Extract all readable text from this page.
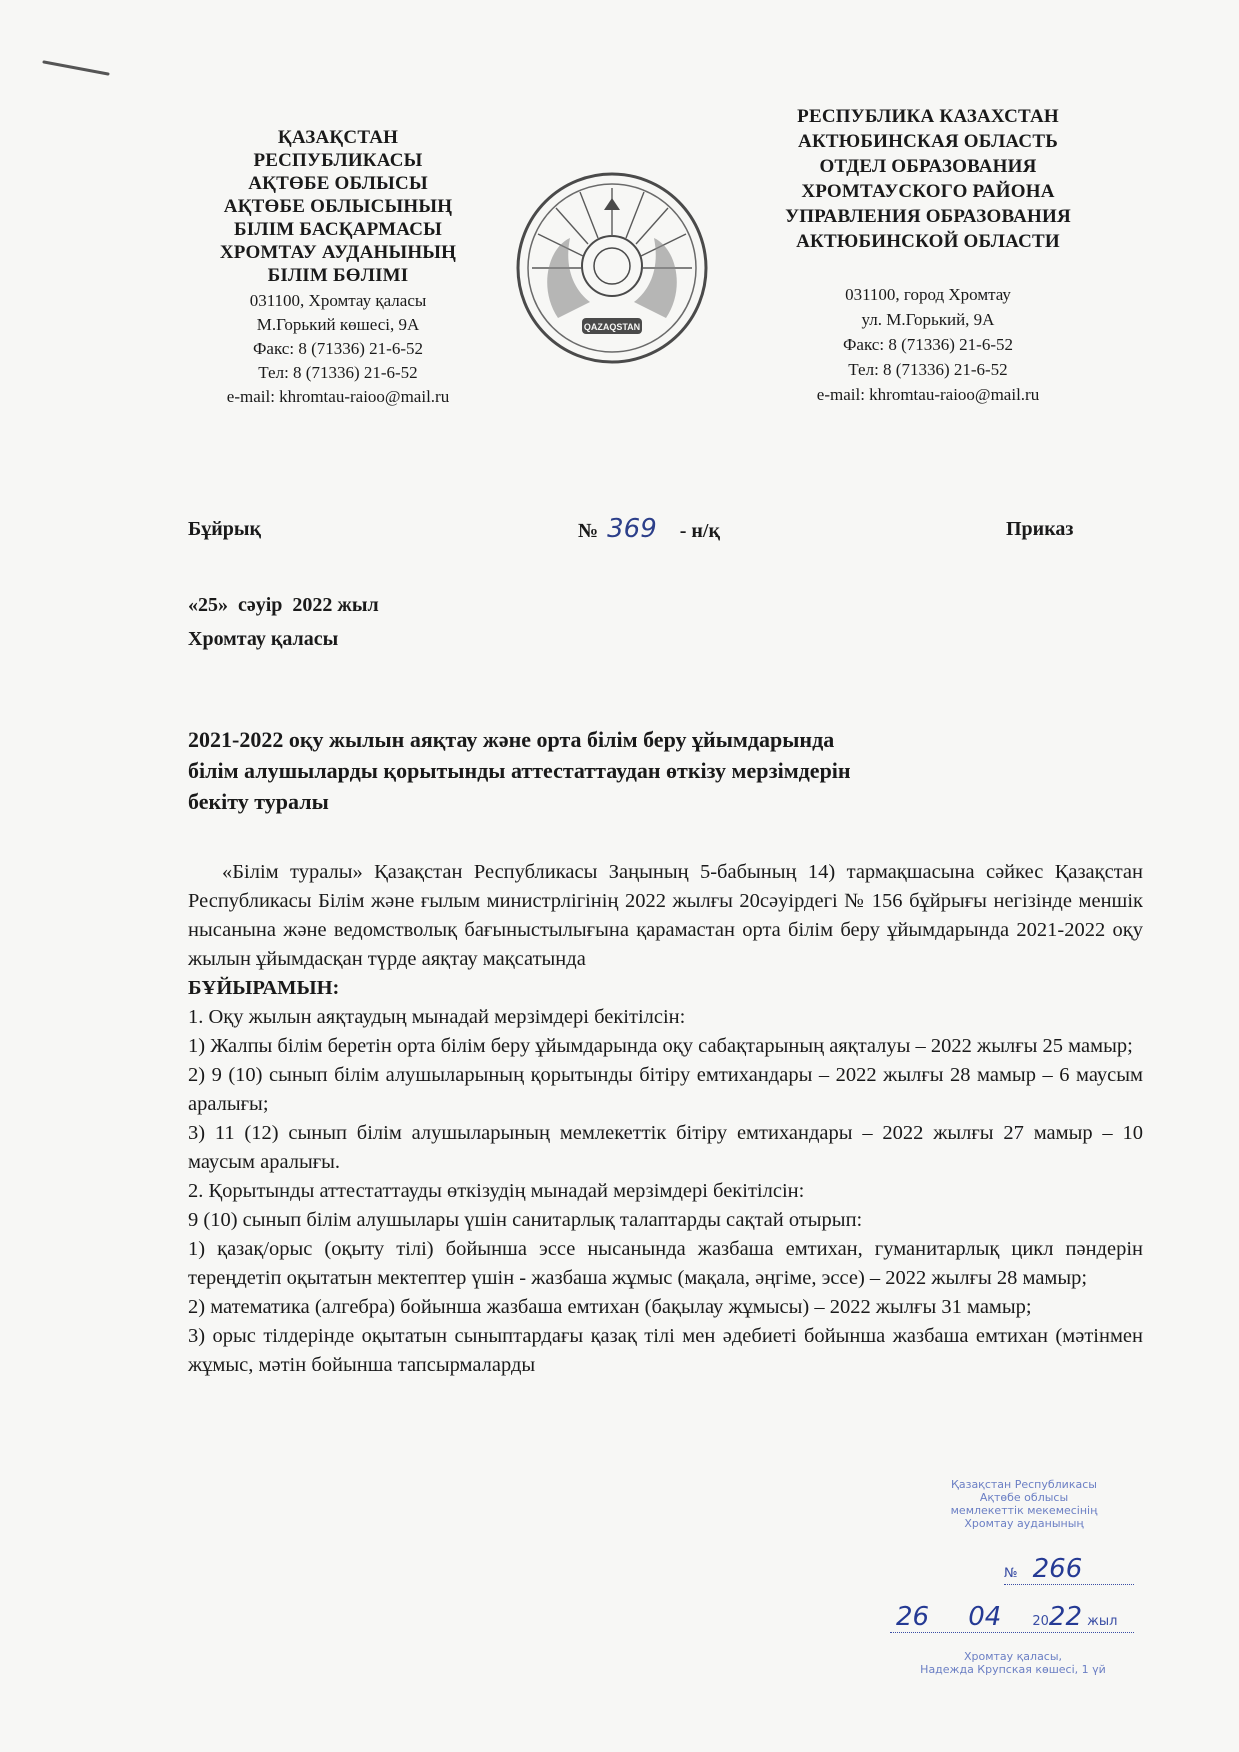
ҚАЗАҚСТАН
РЕСПУБЛИКАСЫ
АҚТӨБЕ ОБЛЫСЫ
АҚТӨБЕ ОБЛЫСЫНЫҢ
БІЛІМ БАСҚАРМАСЫ
ХРОМТАУ АУДАНЫНЫҢ
БІЛІМ БӨЛІМІ
031100, Хромтау қаласы
М.Горький көшесі, 9А
Факс: 8 (71336) 21-6-52
Тел: 8 (71336) 21-6-52
e-mail: khromtau-raioo@mail.ru
QAZAQSTAN
РЕСПУБЛИКА КАЗАХСТАН
АКТЮБИНСКАЯ ОБЛАСТЬ
ОТДЕЛ ОБРАЗОВАНИЯ
ХРОМТАУСКОГО РАЙОНА
УПРАВЛЕНИЯ ОБРАЗОВАНИЯ
АКТЮБИНСКОЙ ОБЛАСТИ
031100, город Хромтау
ул. М.Горький, 9А
Факс: 8 (71336) 21-6-52
Тел: 8 (71336) 21-6-52
e-mail: khromtau-raioo@mail.ru
Бұйрық	№ 369 - н/қ	Приказ
«25»  сәуір  2022 жыл
Хромтау қаласы
2021-2022 оқу жылын аяқтау және орта білім беру ұйымдарында
білім алушыларды қорытынды аттестаттаудан өткізу мерзімдерін
бекіту туралы

«Білім туралы» Қазақстан Республикасы Заңының 5-бабының 14) тармақшасына сәйкес Қазақстан Республикасы Білім және ғылым министрлігінің 2022 жылғы 20сәуірдегі № 156 бұйрығы негізінде меншік нысанына және ведомстволық бағыныстылығына қарамастан орта білім беру ұйымдарында 2021-2022 оқу жылын ұйымдасқан түрде аяқтау мақсатында

БҰЙЫРАМЫН:

1. Оқу жылын аяқтаудың мынадай мерзімдері бекітілсін:

1) Жалпы білім беретін орта білім беру ұйымдарында оқу сабақтарының аяқталуы – 2022 жылғы 25 мамыр;

2) 9 (10) сынып білім алушыларының қорытынды бітіру емтихандары – 2022 жылғы 28 мамыр – 6 маусым аралығы;

3) 11 (12) сынып білім алушыларының мемлекеттік бітіру емтихандары – 2022 жылғы 27 мамыр – 10 маусым аралығы.

2. Қорытынды аттестаттауды өткізудің мынадай мерзімдері бекітілсін:

9 (10) сынып білім алушылары үшін санитарлық талаптарды сақтай отырып:

1) қазақ/орыс (оқыту тілі) бойынша эссе нысанында жазбаша емтихан, гуманитарлық цикл пәндерін тереңдетіп оқытатын мектептер үшін - жазбаша жұмыс (мақала, әңгіме, эссе) – 2022 жылғы 28 мамыр;

2) математика (алгебра) бойынша жазбаша емтихан (бақылау жұмысы) – 2022 жылғы 31 мамыр;

3) орыс тілдерінде оқытатын сыныптардағы қазақ тілі мен әдебиеті бойынша жазбаша емтихан (мәтінмен жұмыс, мәтін бойынша тапсырмаларды

Қазақстан Республикасы
Ақтөбе облысы
мемлекеттік мекемесінің
Хромтау ауданының
№ 266
26 04 2022 жыл
Хромтау қаласы,
Надежда Крупская көшесі, 1 үй
